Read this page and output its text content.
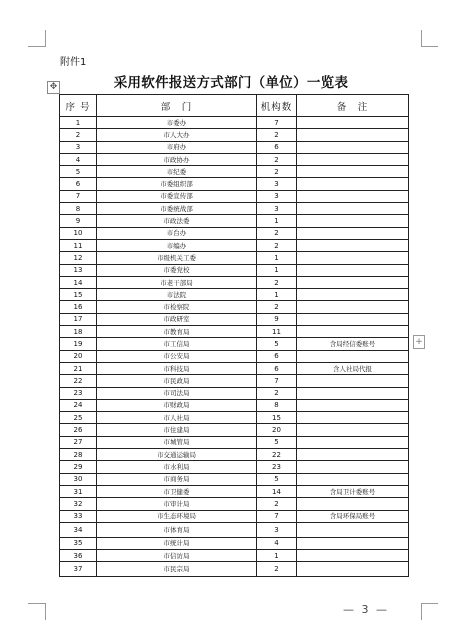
附件1
采用软件报送方式部门（单位）一览表
✥
序 号	部　门	机构数	备　注
1	市委办	7	
2	市人大办	2	
3	市府办	6	
4	市政协办	2	
5	市纪委	2	
6	市委组织部	3	
7	市委宣传部	3	
8	市委统战部	3	
9	市政法委	1	
10	市台办	2	
11	市编办	2	
12	市级机关工委	1	
13	市委党校	1	
14	市老干部局	2	
15	市法院	1	
16	市检察院	2	
17	市政研室	9	
18	市教育局	11	
19	市工信局	5	含局经信委账号
20	市公安局	6	
21	市科技局	6	含人社局代报
22	市民政局	7	
23	市司法局	2	
24	市财政局	8	
25	市人社局	15	
26	市住建局	20	
27	市城管局	5	
28	市交通运输局	22	
29	市水利局	23	
30	市商务局	5	
31	市卫健委	14	含局卫计委账号
32	市审计局	2	
33	市生态环境局	7	含局环保局账号
34	市体育局	3	
35	市统计局	4	
36	市信访局	1	
37	市民宗局	2	
+
— 3 —
